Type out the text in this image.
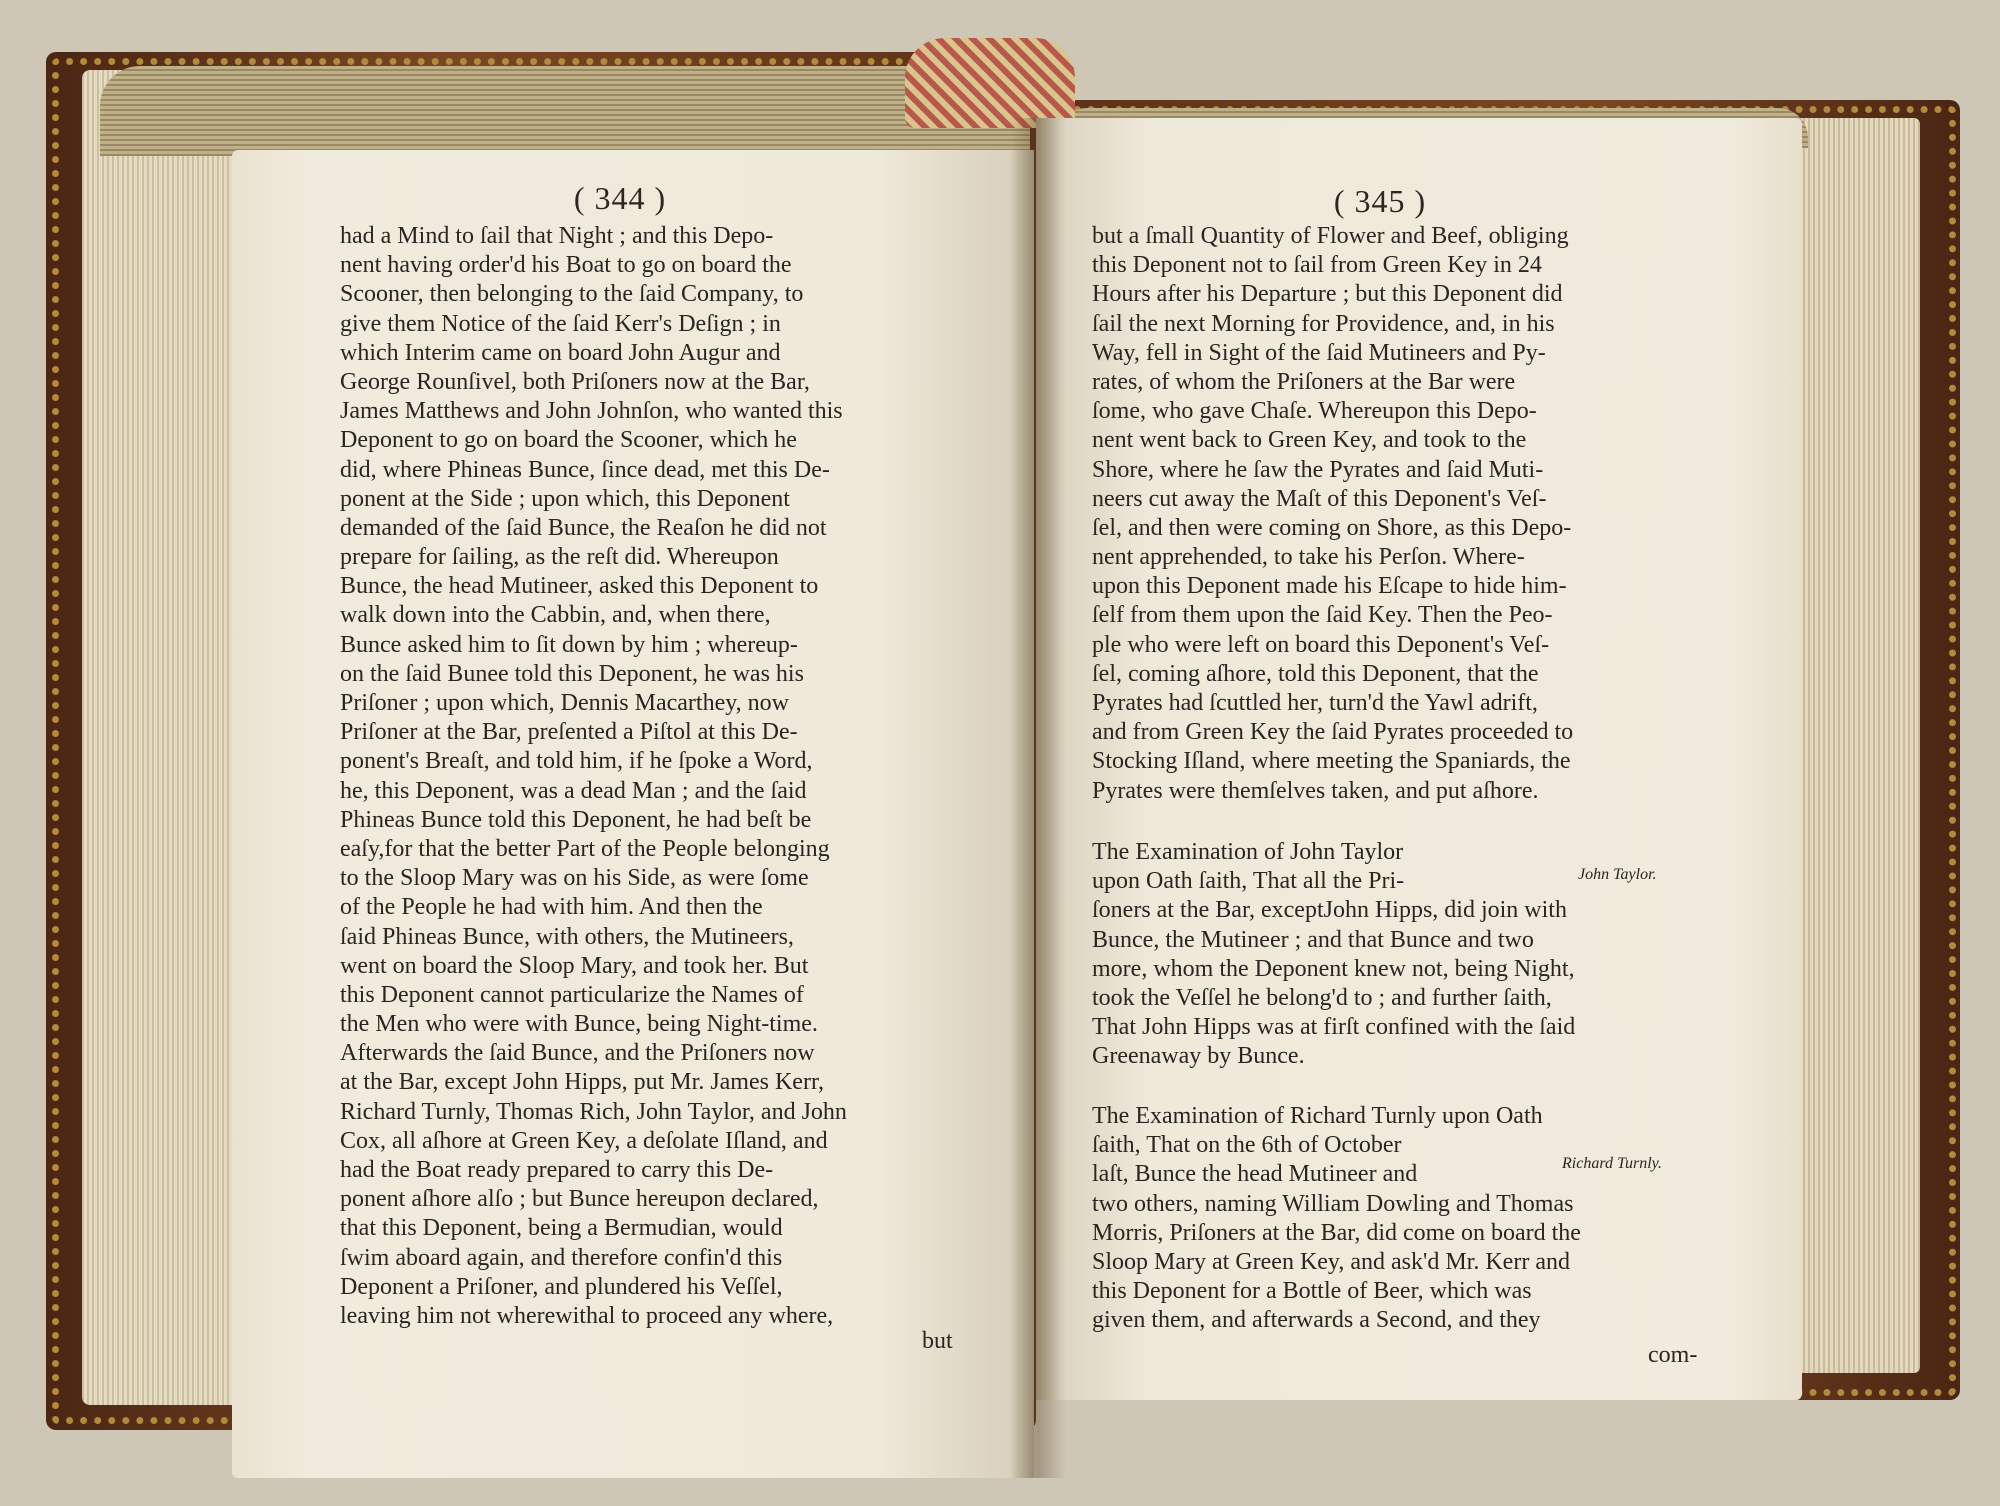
( 344 )
had a Mind to ſail that Night ; and this Depo-
nent having order'd his Boat to go on board the
Scooner, then belonging to the ſaid Company, to
give them Notice of the ſaid Kerr's Deſign ; in
which Interim came on board John Augur and
George Rounſivel, both Priſoners now at the Bar,
James Matthews and John Johnſon, who wanted this
Deponent to go on board the Scooner, which he
did, where Phineas Bunce, ſince dead, met this De-
ponent at the Side ; upon which, this Deponent
demanded of the ſaid Bunce, the Reaſon he did not
prepare for ſailing, as the reſt did. Whereupon
Bunce, the head Mutineer, asked this Deponent to
walk down into the Cabbin, and, when there,
Bunce asked him to ſit down by him ; whereup-
on the ſaid Bunee told this Deponent, he was his
Priſoner ; upon which, Dennis Macarthey, now
Priſoner at the Bar, preſented a Piſtol at this De-
ponent's Breaſt, and told him, if he ſpoke a Word,
he, this Deponent, was a dead Man ; and the ſaid
Phineas Bunce told this Deponent, he had beſt be
eaſy,for that the better Part of the People belonging
to the Sloop Mary was on his Side, as were ſome
of the People he had with him. And then the
ſaid Phineas Bunce, with others, the Mutineers,
went on board the Sloop Mary, and took her. But
this Deponent cannot particularize the Names of
the Men who were with Bunce, being Night-time.
Afterwards the ſaid Bunce, and the Priſoners now
at the Bar, except John Hipps, put Mr. James Kerr,
Richard Turnly, Thomas Rich, John Taylor, and John
Cox, all aſhore at Green Key, a deſolate Iſland, and
had the Boat ready prepared to carry this De-
ponent aſhore alſo ; but Bunce hereupon declared,
that this Deponent, being a Bermudian, would
ſwim aboard again, and therefore confin'd this
Deponent a Priſoner, and plundered his Veſſel,
leaving him not wherewithal to proceed any where,
but
( 345 )
but a ſmall Quantity of Flower and Beef, obliging
this Deponent not to ſail from Green Key in 24
Hours after his Departure ; but this Deponent did
ſail the next Morning for Providence, and, in his
Way, fell in Sight of the ſaid Mutineers and Py-
rates, of whom the Priſoners at the Bar were
ſome, who gave Chaſe. Whereupon this Depo-
nent went back to Green Key, and took to the
Shore, where he ſaw the Pyrates and ſaid Muti-
neers cut away the Maſt of this Deponent's Veſ-
ſel, and then were coming on Shore, as this Depo-
nent apprehended, to take his Perſon. Where-
upon this Deponent made his Eſcape to hide him-
ſelf from them upon the ſaid Key. Then the Peo-
ple who were left on board this Deponent's Veſ-
ſel, coming aſhore, told this Deponent, that the
Pyrates had ſcuttled her, turn'd the Yawl adrift,
and from Green Key the ſaid Pyrates proceeded to
Stocking Iſland, where meeting the Spaniards, the
Pyrates were themſelves taken, and put aſhore.
The Examination of John Taylor
upon Oath ſaith, That all the Pri-
ſoners at the Bar, exceptJohn Hipps, did join with
Bunce, the Mutineer ; and that Bunce and two
more, whom the Deponent knew not, being Night,
took the Veſſel he belong'd to ; and further ſaith,
That John Hipps was at firſt confined with the ſaid
Greenaway by Bunce.
John Taylor.
The Examination of Richard Turnly upon Oath
ſaith, That on the 6th of October
laſt, Bunce the head Mutineer and
two others, naming William Dowling and Thomas
Morris, Priſoners at the Bar, did come on board the
Sloop Mary at Green Key, and ask'd Mr. Kerr and
this Deponent for a Bottle of Beer, which was
given them, and afterwards a Second, and they
Richard Turnly.
com-
